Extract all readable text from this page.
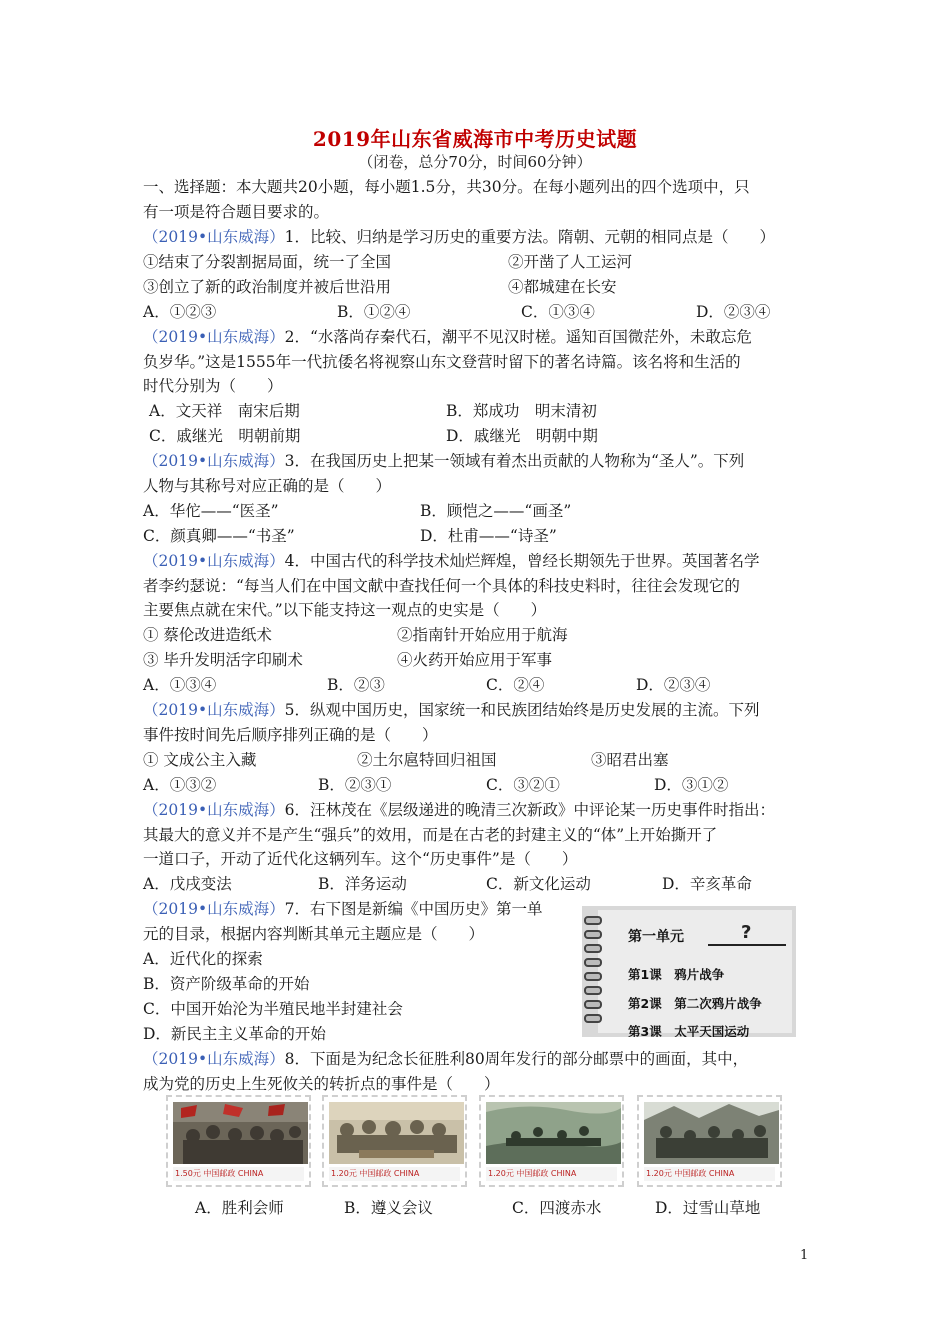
2019年山东省威海市中考历史试题
（闭卷，总分70分，时间60分钟）
一、选择题：本大题共20小题，每小题1.5分，共30分。在每小题列出的四个选项中，只
有一项是符合题目要求的。
（2019•山东威海）1．比较、归纳是学习历史的重要方法。隋朝、元朝的相同点是（　　）
①结束了分裂割据局面，统一了全国	②开凿了人工运河
③创立了新的政治制度并被后世沿用	④都城建在长安
A．①②③	B．①②④	C．①③④	D．②③④
（2019•山东威海）2．“水落尚存秦代石，潮平不见汉时槎。遥知百国微茫外，未敢忘危
负岁华。”这是1555年一代抗倭名将视察山东文登营时留下的著名诗篇。该名将和生活的
时代分别为（　　）
A．文天祥　南宋后期	B．郑成功　明末清初
C．戚继光　明朝前期	D．戚继光　明朝中期
（2019•山东威海）3．在我国历史上把某一领域有着杰出贡献的人物称为“圣人”。下列
人物与其称号对应正确的是（　　）
A．华佗——“医圣”	B．顾恺之——“画圣”
C．颜真卿——“书圣”	D．杜甫——“诗圣”
（2019•山东威海）4．中国古代的科学技术灿烂辉煌，曾经长期领先于世界。英国著名学
者李约瑟说：“每当人们在中国文献中查找任何一个具体的科技史料时，往往会发现它的
主要焦点就在宋代。”以下能支持这一观点的史实是（　　）
① 蔡伦改进造纸术	②指南针开始应用于航海
③ 毕升发明活字印刷术	④火药开始应用于军事
A．①③④	B．②③	C．②④	D．②③④
（2019•山东威海）5．纵观中国历史，国家统一和民族团结始终是历史发展的主流。下列
事件按时间先后顺序排列正确的是（　　）
① 文成公主入藏	②土尔扈特回归祖国	③昭君出塞
A．①③②	B．②③①	C．③②①	D．③①②
（2019•山东威海）6．汪林茂在《层级递进的晚清三次新政》中评论某一历史事件时指出：
其最大的意义并不是产生“强兵”的效用，而是在古老的封建主义的“体”上开始撕开了
一道口子，开动了近代化这辆列车。这个“历史事件”是（　　）
A．戊戌变法	B．洋务运动	C．新文化运动	D．辛亥革命
（2019•山东威海）7．右下图是新编《中国历史》第一单
元的目录，根据内容判断其单元主题应是（　　）
A．近代化的探索
B．资产阶级革命的开始
C．中国开始沦为半殖民地半封建社会
D．新民主主义革命的开始
第一单元	?
第1课　鸦片战争
第2课　第二次鸦片战争
第3课　太平天国运动
（2019•山东威海）8．下面是为纪念长征胜利80周年发行的部分邮票中的画面，其中，
成为党的历史上生死攸关的转折点的事件是（　　）
1.50元 中国邮政 CHINA	1.20元 中国邮政 CHINA	1.20元 中国邮政 CHINA	1.20元 中国邮政 CHINA
A．胜利会师	B．遵义会议	C．四渡赤水	D．过雪山草地
1
